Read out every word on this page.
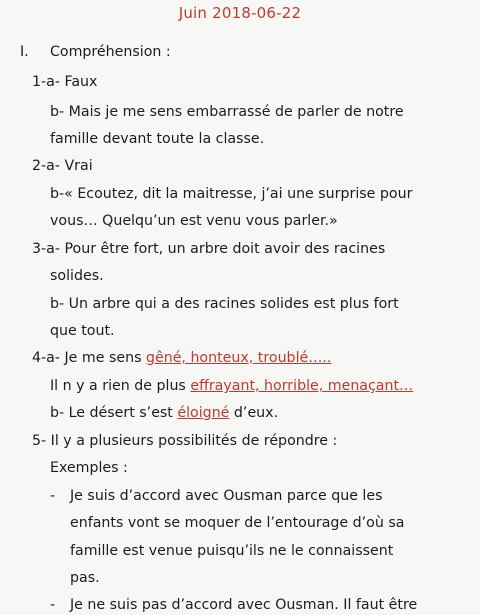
Juin 2018-06-22
I. Compréhension :
1-a- Faux
b- Mais je me sens embarrassé de parler de notre
famille devant toute la classe.
2-a- Vrai
b-« Ecoutez, dit la maitresse, j’ai une surprise pour
vous… Quelqu’un est venu vous parler.»
3-a- Pour être fort, un arbre doit avoir des racines
solides.
b- Un arbre qui a des racines solides est plus fort
que tout.
4-a- Je me sens gêné, honteux, troublé…..
Il n y a rien de plus effrayant, horrible, menaçant…
b- Le désert s’est éloigné d’eux.
5- Il y a plusieurs possibilités de répondre :
Exemples :
- Je suis d’accord avec Ousman parce que les
enfants vont se moquer de l’entourage d’où sa
famille est venue puisqu’ils ne le connaissent
pas.
- Je ne suis pas d’accord avec Ousman. Il faut être
